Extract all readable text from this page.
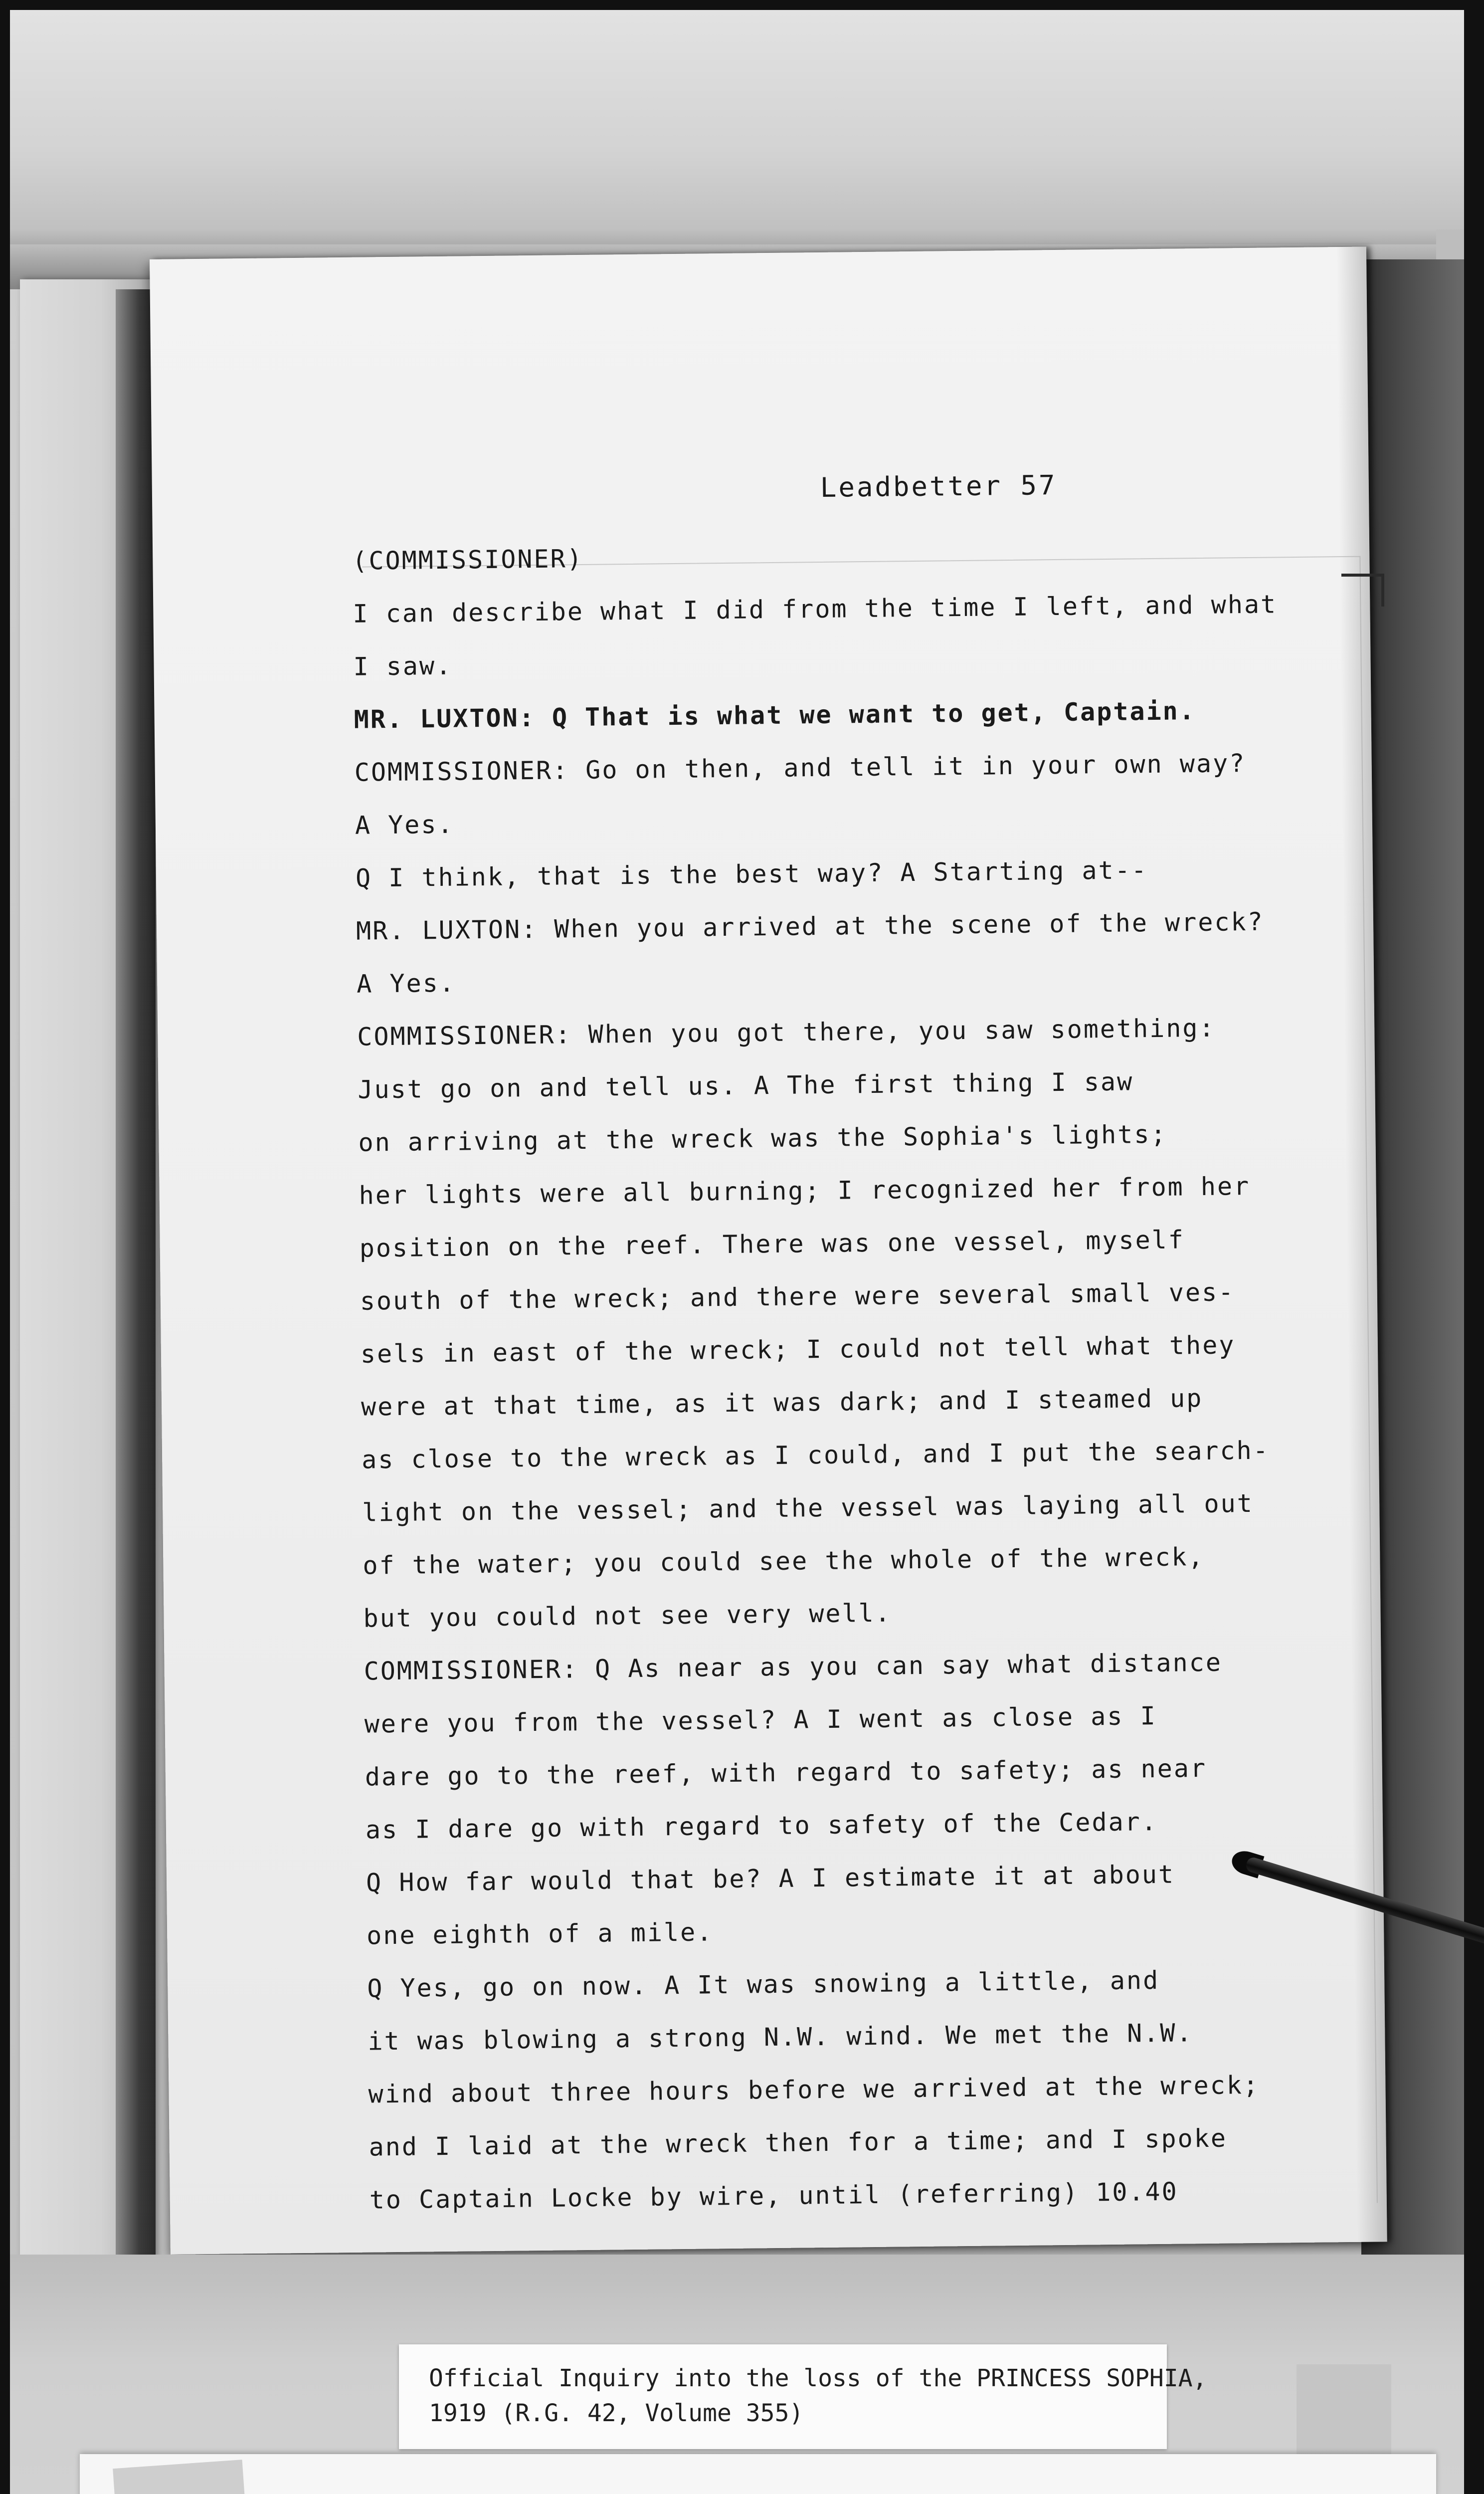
Leadbetter 57
(COMMISSIONER)
I can describe what I did from the time I left, and what
I saw.
MR. LUXTON: Q That is what we want to get, Captain.
COMMISSIONER: Go on then, and tell it in your own way?
A Yes.
Q I think, that is the best way? A Starting at--
MR. LUXTON: When you arrived at the scene of the wreck?
A Yes.
COMMISSIONER: When you got there, you saw something:
Just go on and tell us. A The first thing I saw
on arriving at the wreck was the Sophia's lights;
her lights were all burning; I recognized her from her
position on the reef. There was one vessel, myself
south of the wreck; and there were several small ves-
sels in east of the wreck; I could not tell what they
were at that time, as it was dark; and I steamed up
as close to the wreck as I could, and I put the search-
light on the vessel; and the vessel was laying all out
of the water; you could see the whole of the wreck,
but you could not see very well.
COMMISSIONER: Q As near as you can say what distance
were you from the vessel? A I went as close as I
dare go to the reef, with regard to safety; as near
as I dare go with regard to safety of the Cedar.
Q How far would that be? A I estimate it at about
one eighth of a mile.
Q Yes, go on now. A It was snowing a little, and
it was blowing a strong N.W. wind. We met the N.W.
wind about three hours before we arrived at the wreck;
and I laid at the wreck then for a time; and I spoke
to Captain Locke by wire, until (referring) 10.40
Official Inquiry into the loss of the PRINCESS SOPHIA,
1919 (R.G. 42, Volume 355)
